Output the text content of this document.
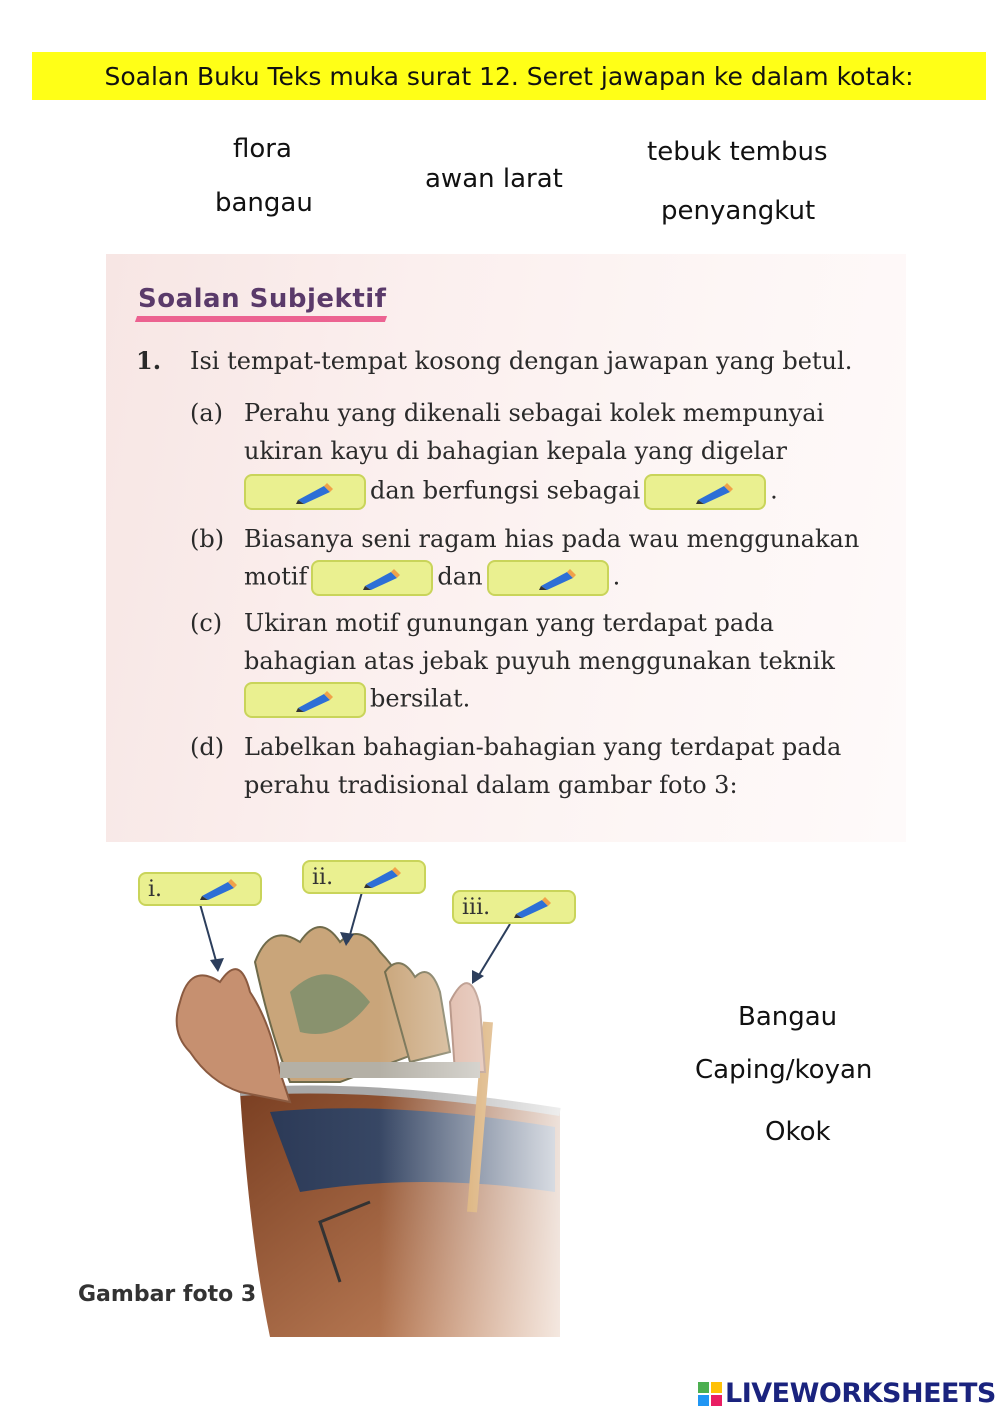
Soalan Buku Teks muka surat 12. Seret jawapan ke dalam kotak:
flora
bangau
awan larat
tebuk tembus
penyangkut
Soalan Subjektif
1. Isi tempat-tempat kosong dengan jawapan yang betul.
(a) Perahu yang dikenali sebagai kolek mempunyai
ukiran kayu di bahagian kepala yang digelar
dan berfungsi sebagai	.
(b) Biasanya seni ragam hias pada wau menggunakan
motif	dan	.
(c) Ukiran motif gunungan yang terdapat pada
bahagian atas jebak puyuh menggunakan teknik
bersilat.
(d) Labelkan bahagian-bahagian yang terdapat pada
perahu tradisional dalam gambar foto 3:
i.	ii.
iii.
Gambar foto 3
Bangau
Caping/koyan
Okok
LIVEWORKSHEETS
